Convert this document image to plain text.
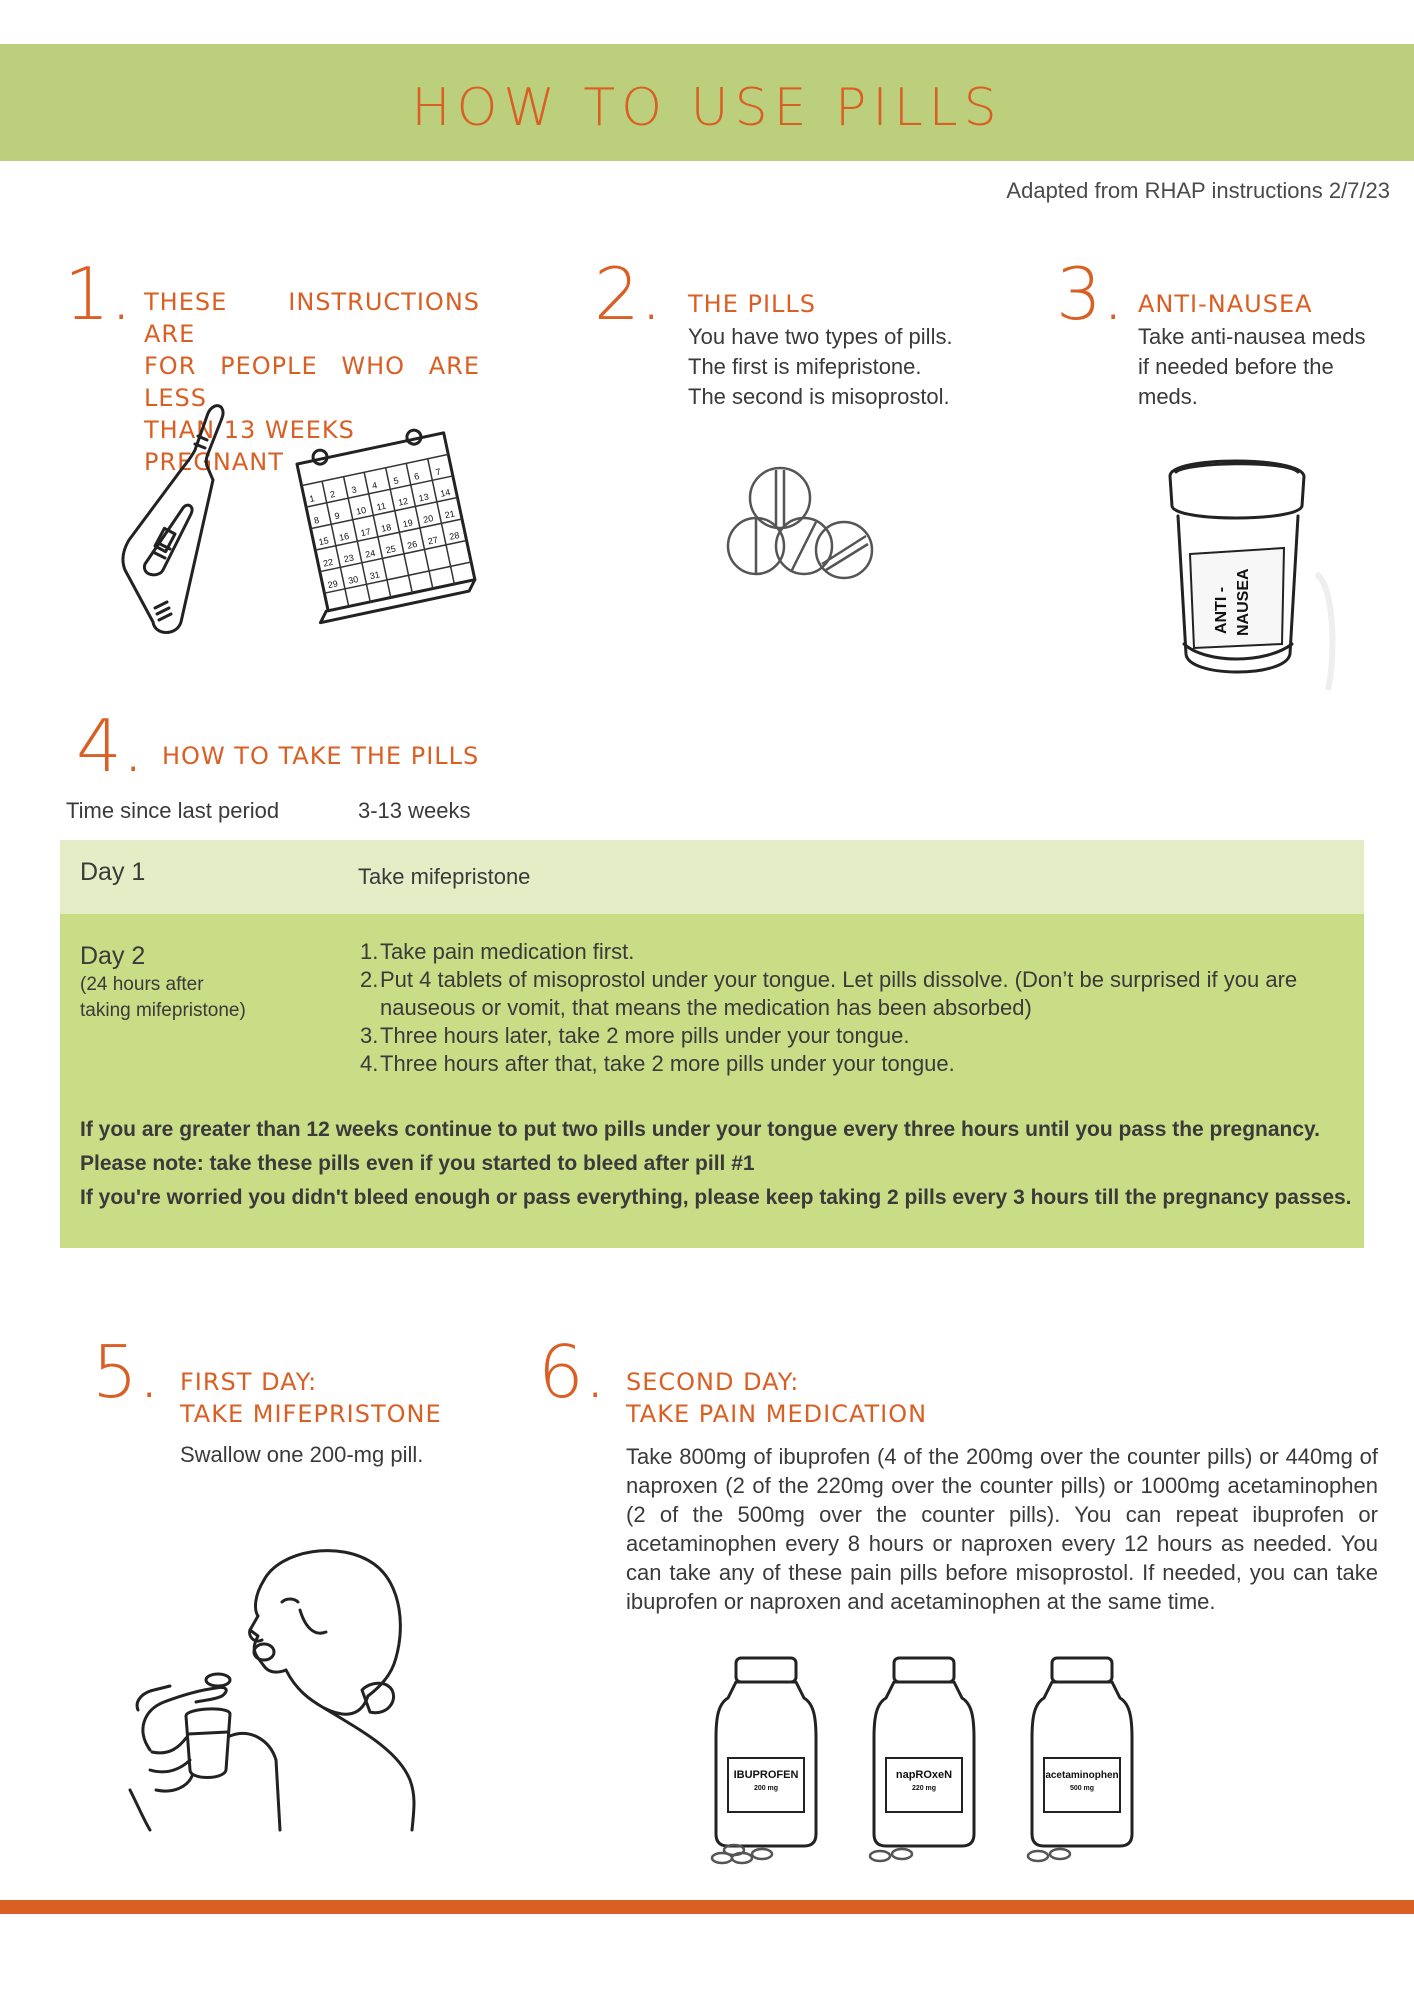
HOW TO USE PILLS
Adapted from RHAP instructions 2/7/23
1. THESE INSTRUCTIONS ARE
FOR PEOPLE WHO ARE LESS
THAN 13 WEEKS PREGNANT
1 2 3 4 5 6 7
8 9 10 11 12 13 14
15 16 17 18 19 20 21
22 23 24 25 26 27 28
29 30 31
2. THE PILLS
You have two types of pills.
The first is mifepristone.
The second is misoprostol.
3. ANTI-NAUSEA
Take anti-nausea meds
if needed before the
meds.
ANTI - NAUSEA
4. HOW TO TAKE THE PILLS
Time since last period	3-13 weeks
Day 1	Take mifepristone
Day 2
(24 hours after
taking mifepristone)
1. Take pain medication first.
2. Put 4 tablets of misoprostol under your tongue. Let pills dissolve. (Don’t be surprised if you are nauseous or vomit, that means the medication has been absorbed)
3. Three hours later, take 2 more pills under your tongue.
4. Three hours after that, take 2 more pills under your tongue.
If you are greater than 12 weeks continue to put two pills under your tongue every three hours until you pass the pregnancy.
Please note: take these pills even if you started to bleed after pill #1
If you're worried you didn't bleed enough or pass everything, please keep taking 2 pills every 3 hours till the pregnancy passes.
5. FIRST DAY:
TAKE MIFEPRISTONE
Swallow one 200-mg pill.
6. SECOND DAY:
TAKE PAIN MEDICATION
Take 800mg of ibuprofen (4 of the 200mg over the counter pills) or 440mg of naproxen (2 of the 220mg over the counter pills) or 1000mg acetaminophen (2 of the 500mg over the counter pills). You can repeat ibuprofen or acetaminophen every 8 hours or naproxen every 12 hours as needed. You can take any of these pain pills before misoprostol. If needed, you can take ibuprofen or naproxen and acetaminophen at the same time.
IBUPROFEN
200 mg
napROxeN
220 mg
acetaminophen
500 mg
